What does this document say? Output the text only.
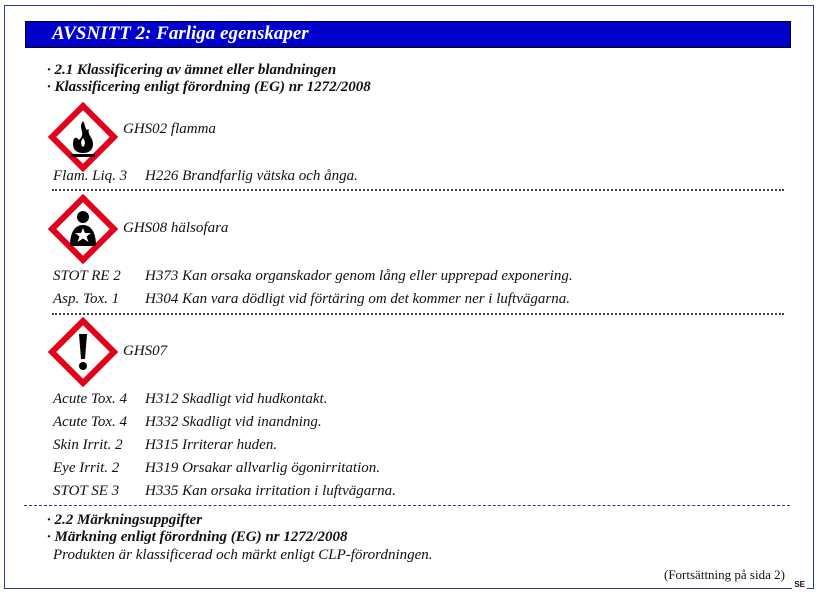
SE
AVSNITT 2: Farliga egenskaper
· 2.1 Klassificering av ämnet eller blandningen
· Klassificering enligt förordning (EG) nr 1272/2008
GHS02 flamma
Flam. Liq. 3 H226 Brandfarlig vätska och ånga.
GHS08 hälsofara
STOT RE 2 H373 Kan orsaka organskador genom lång eller upprepad exponering.
Asp. Tox. 1 H304 Kan vara dödligt vid förtäring om det kommer ner i luftvägarna.
GHS07
Acute Tox. 4 H312 Skadligt vid hudkontakt.
Acute Tox. 4 H332 Skadligt vid inandning.
Skin Irrit. 2 H315 Irriterar huden.
Eye Irrit. 2 H319 Orsakar allvarlig ögonirritation.
STOT SE 3 H335 Kan orsaka irritation i luftvägarna.
· 2.2 Märkningsuppgifter
· Märkning enligt förordning (EG) nr 1272/2008
Produkten är klassificerad och märkt enligt CLP-förordningen.
(Fortsättning på sida 2)
